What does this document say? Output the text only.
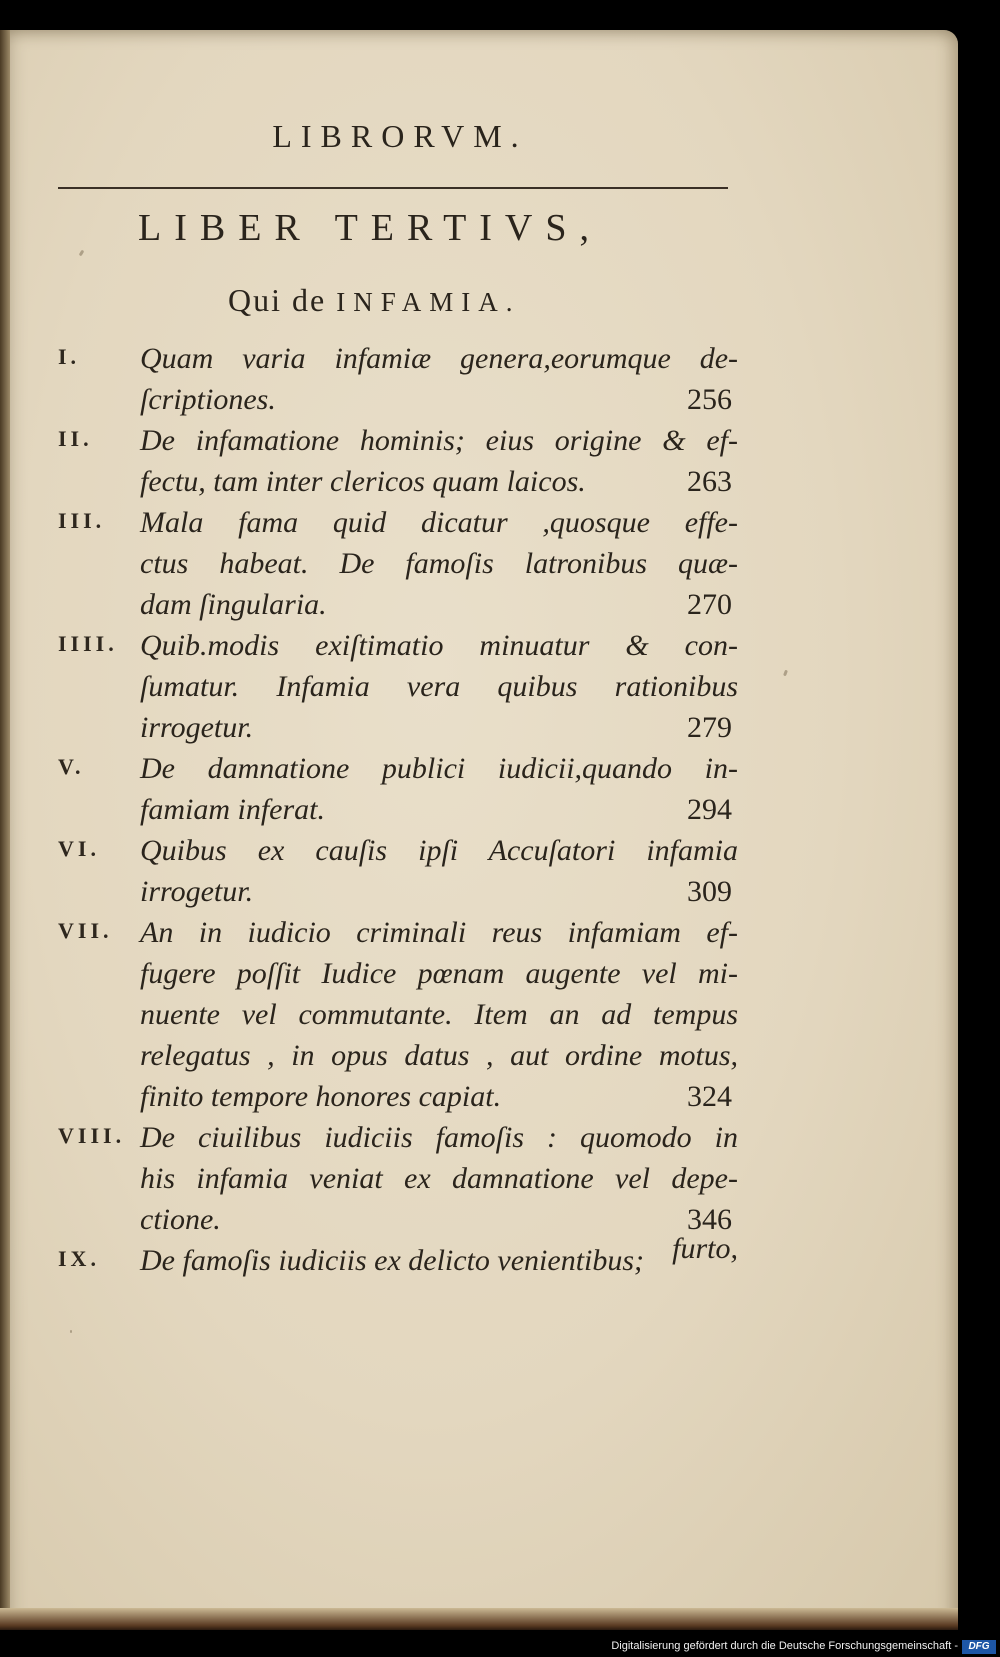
LIBRORVM.
LIBER TERTIVS,
Qui de INFAMIA.
I. Quam varia infamiæ genera,eorumque de-
ſcriptiones.	256
II. De infamatione hominis; eius origine & ef-
fectu, tam inter clericos quam laicos.	263
III. Mala fama quid dicatur ,quosque effe-
ctus habeat. De famoſis latronibus quæ-
dam ſingularia.	270
IIII. Quib.modis exiſtimatio minuatur & con-
ſumatur. Infamia vera quibus rationibus
irrogetur.	279
V. De damnatione publici iudicii,quando in-
famiam inferat.	294
VI. Quibus ex cauſis ipſi Accuſatori infamia
irrogetur.	309
VII. An in iudicio criminali reus infamiam ef-
fugere poſſit Iudice pœnam augente vel mi-
nuente vel commutante. Item an ad tempus
relegatus , in opus datus , aut ordine motus,
finito tempore honores capiat.	324
VIII. De ciuilibus iudiciis famoſis : quomodo in
his infamia veniat ex damnatione vel depe-
ctione.	346
IX. De famoſis iudiciis ex delicto venientibus; furto,
Digitalisierung gefördert durch die Deutsche Forschungsgemeinschaft -	DFG
